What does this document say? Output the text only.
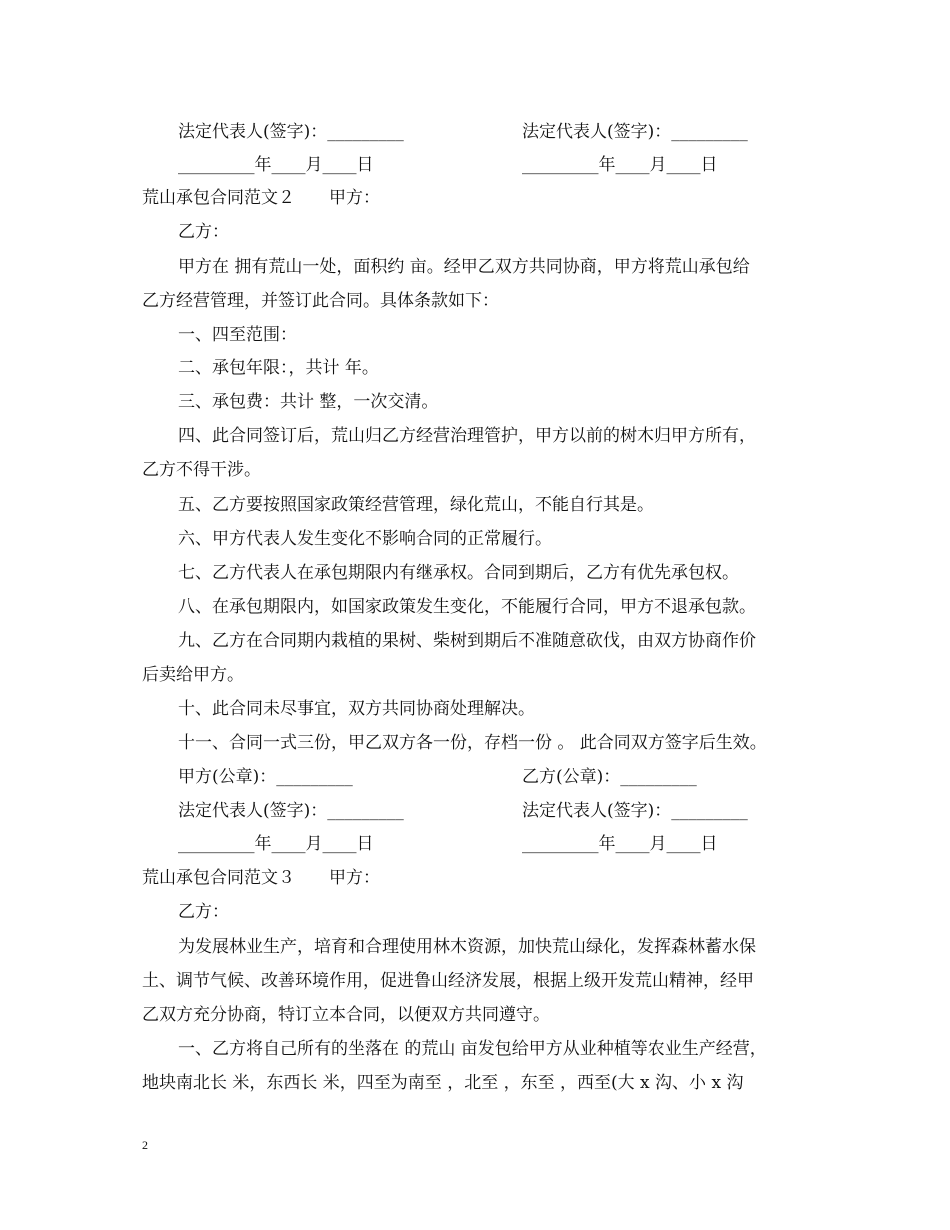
法定代表人(签字)：_________	法定代表人(签字)：_________
_________年____月____日	_________年____月____日
荒山承包合同范文２　　甲方：
乙方：
甲方在 拥有荒山一处，面积约 亩。经甲乙双方共同协商，甲方将荒山承包给
乙方经营管理，并签订此合同。具体条款如下：
一、四至范围：
二、承包年限：，共计 年。
三、承包费：共计 整，一次交清。
四、此合同签订后，荒山归乙方经营治理管护，甲方以前的树木归甲方所有，
乙方不得干涉。
五、乙方要按照国家政策经营管理，绿化荒山，不能自行其是。
六、甲方代表人发生变化不影响合同的正常履行。
七、乙方代表人在承包期限内有继承权。合同到期后，乙方有优先承包权。
八、在承包期限内，如国家政策发生变化，不能履行合同，甲方不退承包款。
九、乙方在合同期内栽植的果树、柴树到期后不准随意砍伐，由双方协商作价
后卖给甲方。
十、此合同未尽事宜，双方共同协商处理解决。
十一、合同一式三份，甲乙双方各一份，存档一份 。 此合同双方签字后生效。
甲方(公章)：_________	乙方(公章)：_________
法定代表人(签字)：_________	法定代表人(签字)：_________
_________年____月____日	_________年____月____日
荒山承包合同范文３　　甲方：
乙方：
为发展林业生产，培育和合理使用林木资源，加快荒山绿化，发挥森林蓄水保
土、调节气候、改善环境作用，促进鲁山经济发展，根据上级开发荒山精神，经甲
乙双方充分协商，特订立本合同，以便双方共同遵守。
一、乙方将自己所有的坐落在 的荒山 亩发包给甲方从业种植等农业生产经营，
地块南北长 米，东西长 米，四至为南至 ，北至 ，东至 ，西至(大 x 沟、小 x 沟
2
